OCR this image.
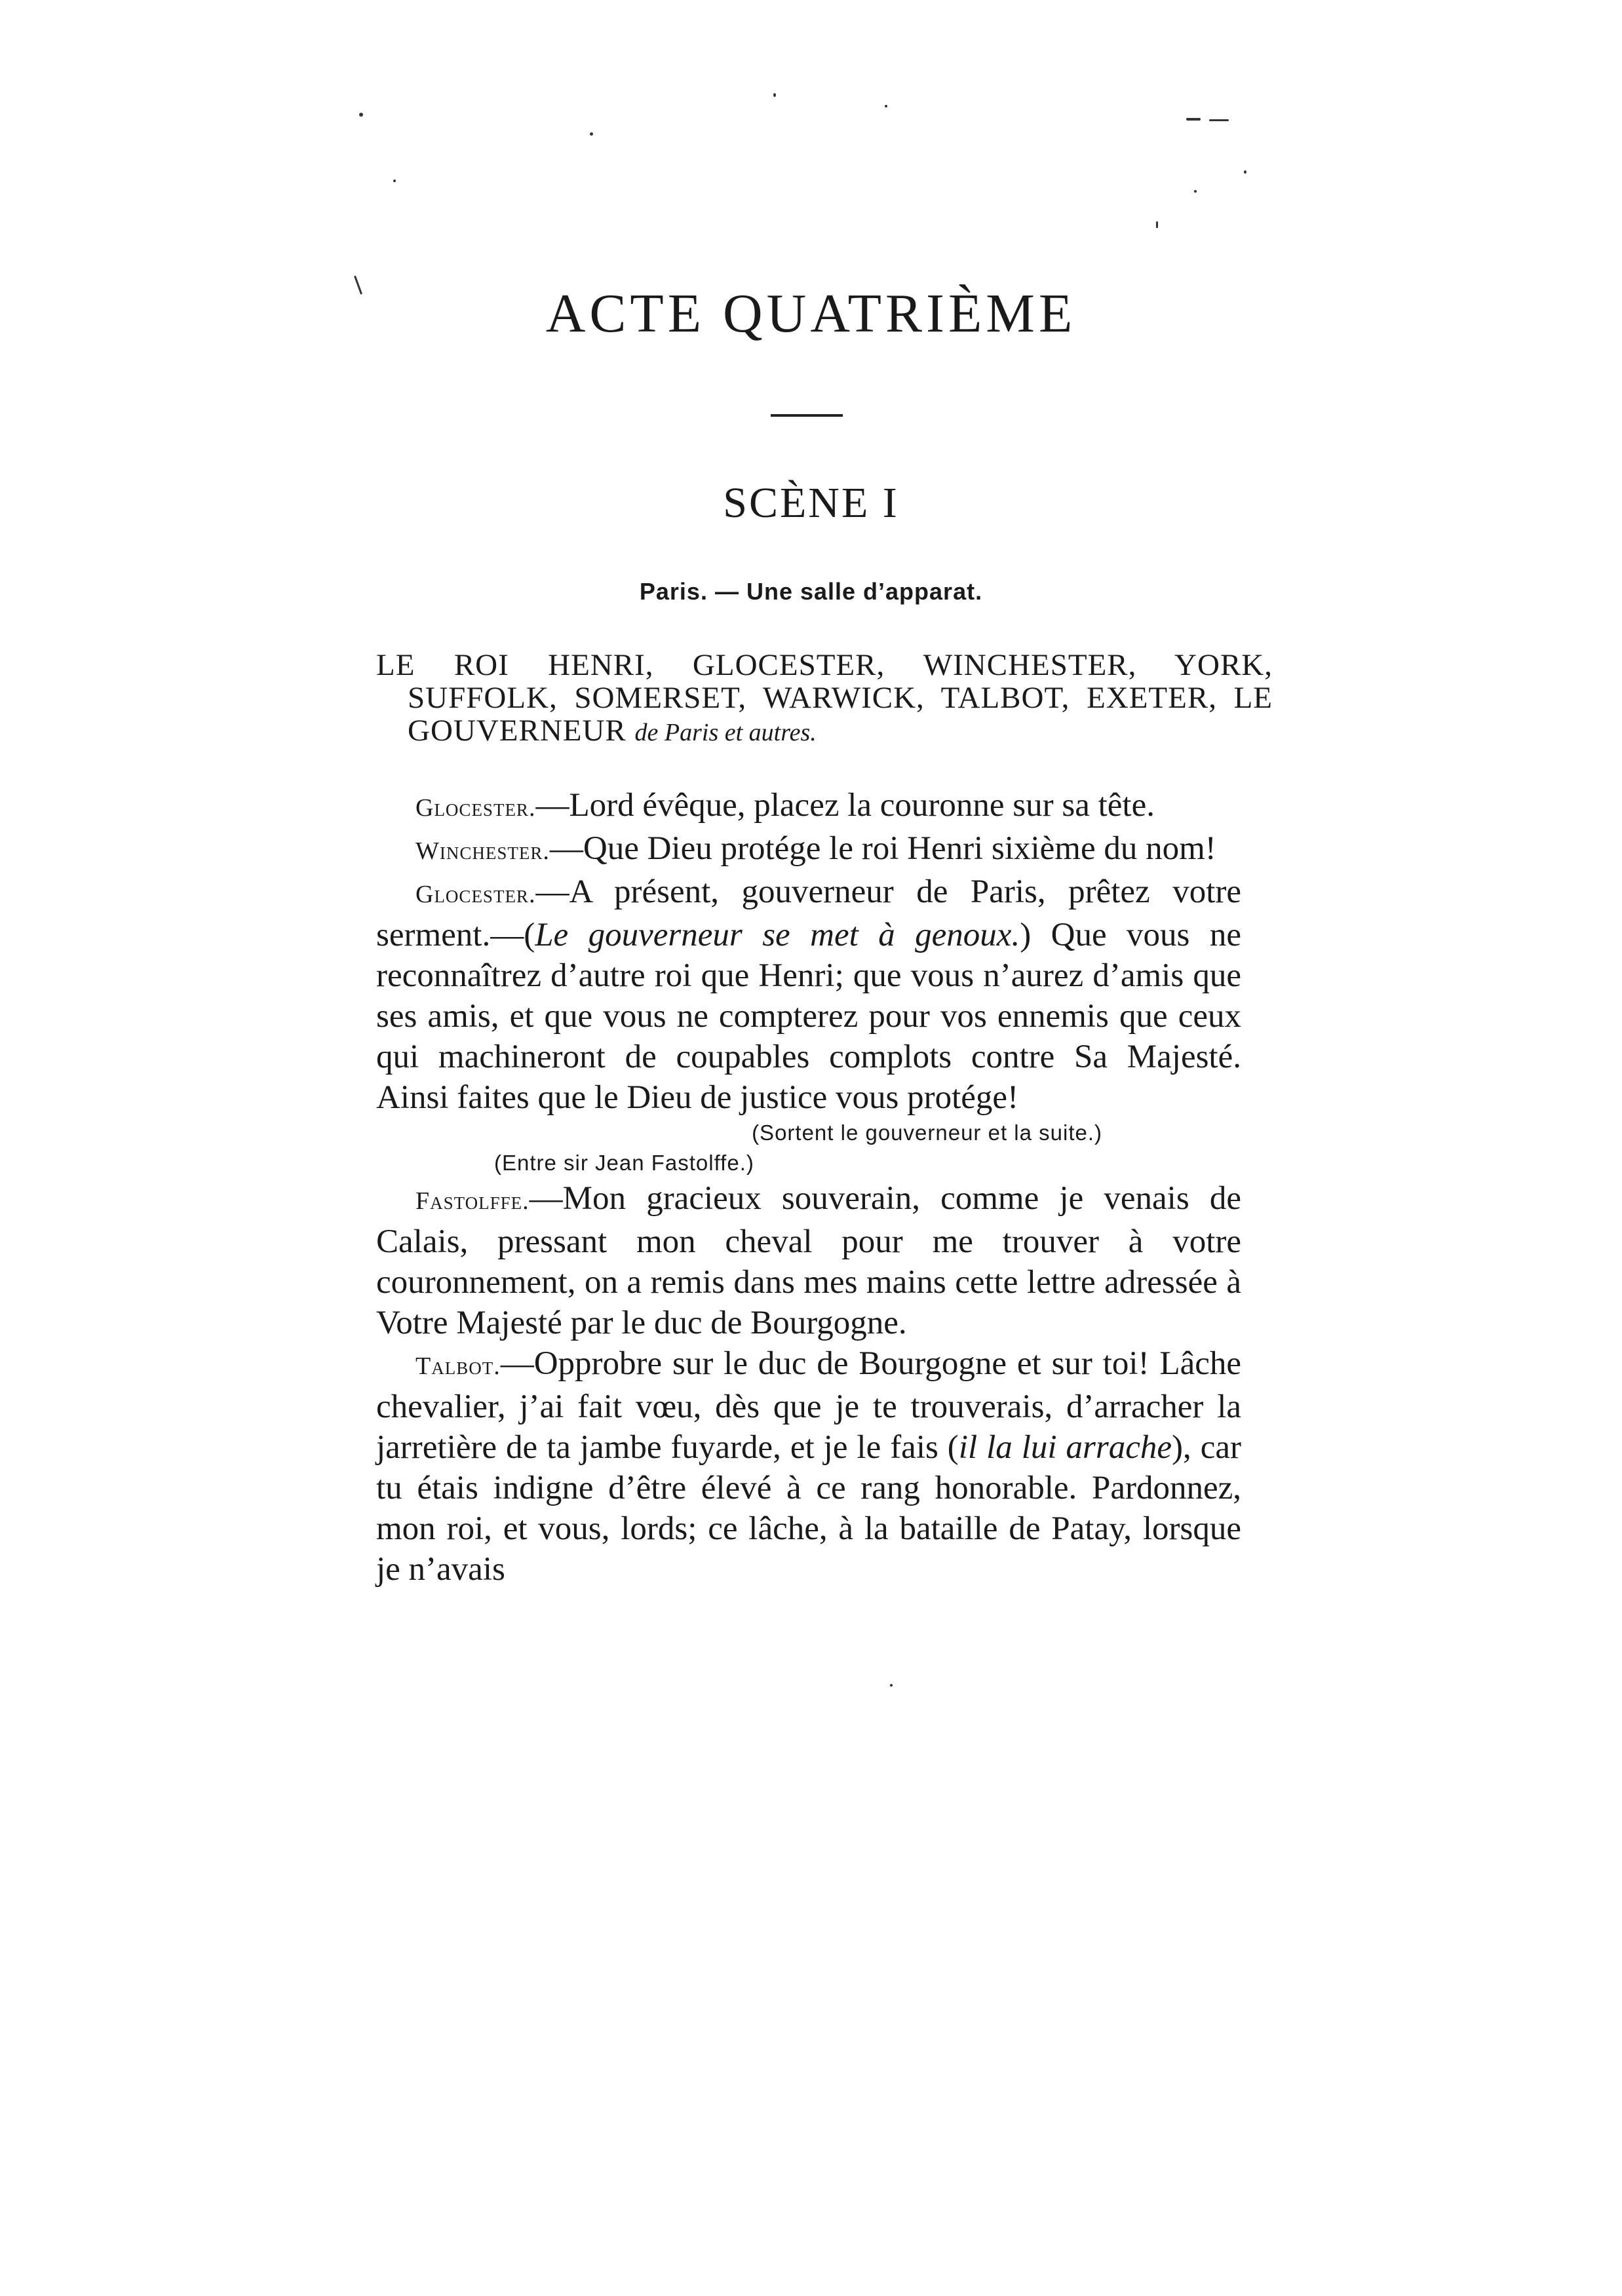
ACTE QUATRIÈME
SCÈNE I
Paris. — Une salle d’apparat.
LE ROI HENRI, GLOCESTER, WINCHESTER, YORK, SUFFOLK, SOMERSET, WARWICK, TALBOT, EXETER, LE GOUVERNEUR de Paris et autres.

Glocester.—Lord évêque, placez la couronne sur sa tête.

Winchester.—Que Dieu protége le roi Henri sixième du nom!

Glocester.—A présent, gouverneur de Paris, prêtez votre serment.—(Le gouverneur se met à genoux.) Que vous ne reconnaîtrez d’autre roi que Henri; que vous n’aurez d’amis que ses amis, et que vous ne compterez pour vos ennemis que ceux qui machineront de coupables complots contre Sa Majesté. Ainsi faites que le Dieu de justice vous protége!

(Sortent le gouverneur et la suite.)

(Entre sir Jean Fastolffe.)

Fastolffe.—Mon gracieux souverain, comme je venais de Calais, pressant mon cheval pour me trouver à votre couronnement, on a remis dans mes mains cette lettre adressée à Votre Majesté par le duc de Bourgogne.

Talbot.—Opprobre sur le duc de Bourgogne et sur toi! Lâche chevalier, j’ai fait vœu, dès que je te trouverais, d’arracher la jarretière de ta jambe fuyarde, et je le fais (il la lui arrache), car tu étais indigne d’être élevé à ce rang honorable. Pardonnez, mon roi, et vous, lords; ce lâche, à la bataille de Patay, lorsque je n’avais
